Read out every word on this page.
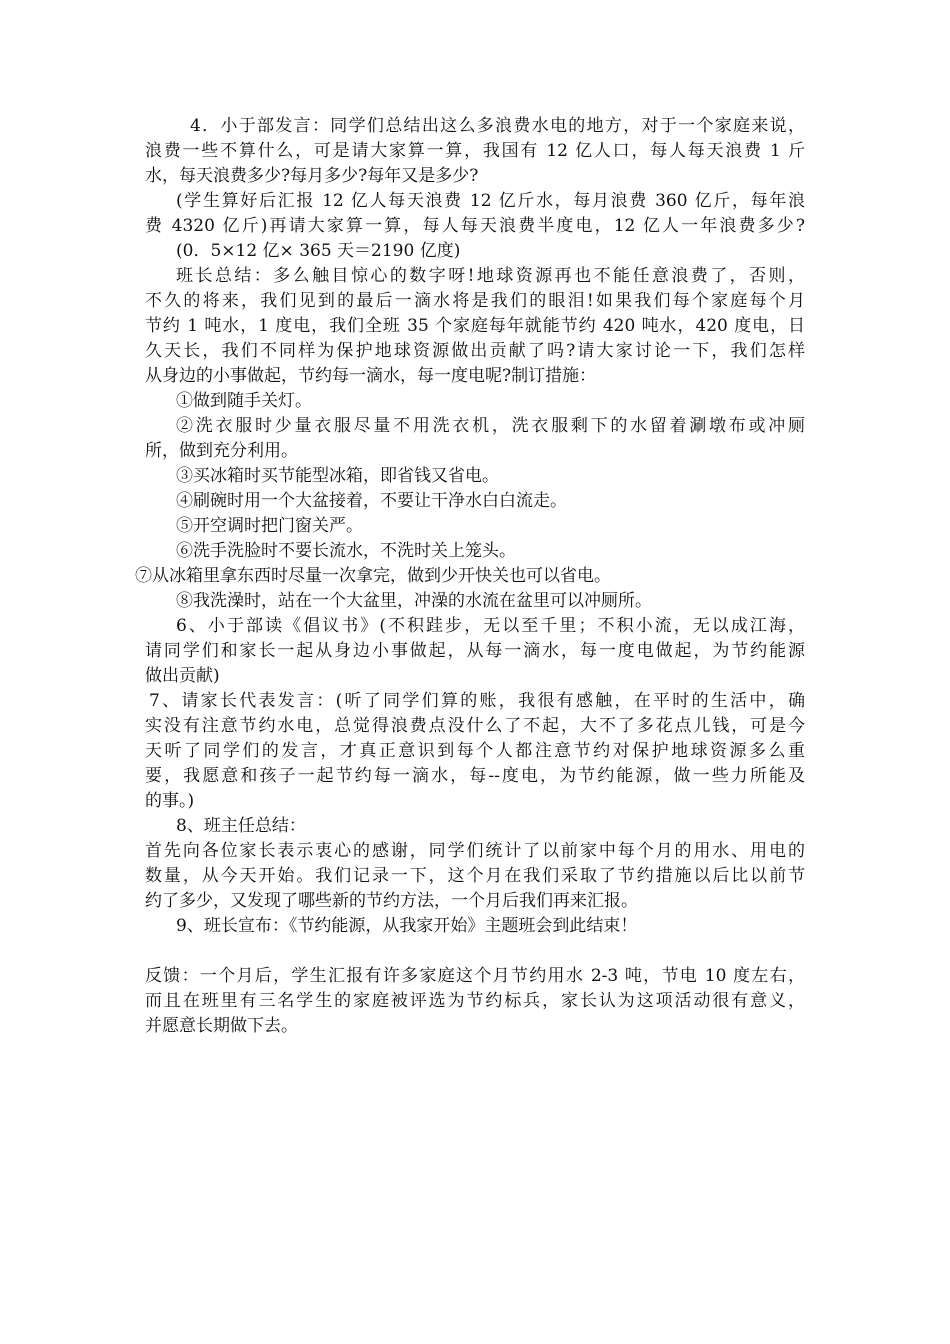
4．小于部发言：同学们总结出这么多浪费水电的地方，对于一个家庭来说，
浪费一些不算什么，可是请大家算一算，我国有 12 亿人口，每人每天浪费 1 斤
水，每天浪费多少?每月多少?每年又是多少?
(学生算好后汇报 12 亿人每天浪费 12 亿斤水，每月浪费 360 亿斤，每年浪
费 4320 亿斤)再请大家算一算，每人每天浪费半度电，12 亿人一年浪费多少?
(0．5×12 亿× 365 天＝2190 亿度)
班长总结：多么触目惊心的数字呀!地球资源再也不能任意浪费了，否则，
不久的将来，我们见到的最后一滴水将是我们的眼泪!如果我们每个家庭每个月
节约 1 吨水，1 度电，我们全班 35 个家庭每年就能节约 420 吨水，420 度电，日
久天长，我们不同样为保护地球资源做出贡献了吗?请大家讨论一下，我们怎样
从身边的小事做起，节约每一滴水，每一度电呢?制订措施：
①做到随手关灯。
②洗衣服时少量衣服尽量不用洗衣机，洗衣服剩下的水留着涮墩布或冲厕
所，做到充分利用。
③买冰箱时买节能型冰箱，即省钱又省电。
④刷碗时用一个大盆接着，不要让干净水白白流走。
⑤开空调时把门窗关严。
⑥洗手洗脸时不要长流水，不洗时关上笼头。
⑦从冰箱里拿东西时尽量一次拿完，做到少开快关也可以省电。
⑧我洗澡时，站在一个大盆里，冲澡的水流在盆里可以冲厕所。
6、小于部读《倡议书》(不积跬步，无以至千里；不积小流，无以成江海，
请同学们和家长一起从身边小事做起，从每一滴水，每一度电做起，为节约能源
做出贡献)
7、请家长代表发言：(听了同学们算的账，我很有感触，在平时的生活中，确
实没有注意节约水电，总觉得浪费点没什么了不起，大不了多花点儿钱，可是今
天听了同学们的发言，才真正意识到每个人都注意节约对保护地球资源多么重
要，我愿意和孩子一起节约每一滴水，每--度电，为节约能源，做一些力所能及
的事。)
8、班主任总结：
首先向各位家长表示衷心的感谢，同学们统计了以前家中每个月的用水、用电的
数量，从今天开始。我们记录一下，这个月在我们采取了节约措施以后比以前节
约了多少，又发现了哪些新的节约方法，一个月后我们再来汇报。
9、班长宣布：《节约能源，从我家开始》主题班会到此结束！
反馈：一个月后，学生汇报有许多家庭这个月节约用水 2-3 吨，节电 10 度左右，
而且在班里有三名学生的家庭被评选为节约标兵，家长认为这项活动很有意义，
并愿意长期做下去。
